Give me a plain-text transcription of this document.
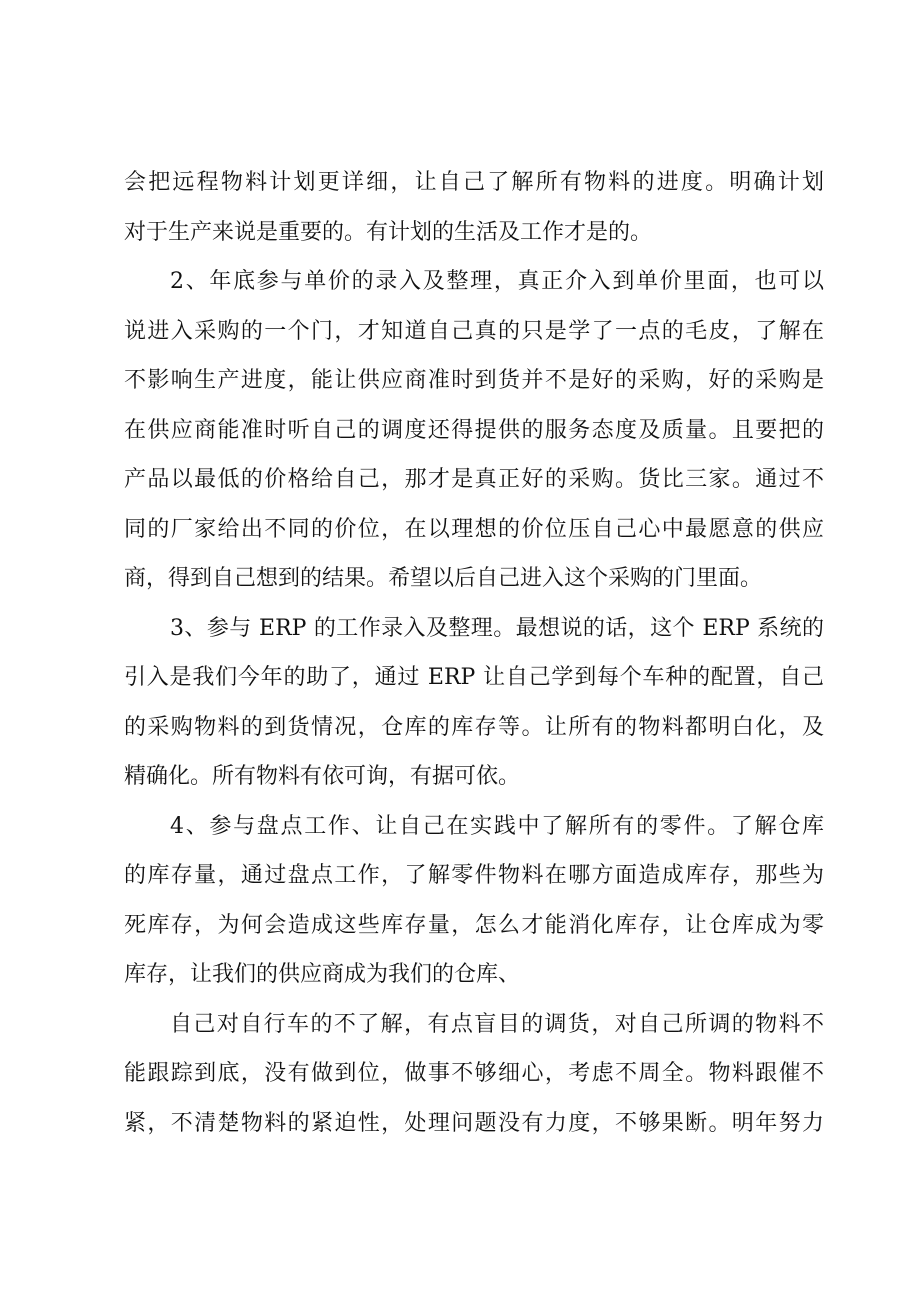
会把远程物料计划更详细，让自己了解所有物料的进度。明确计划
对于生产来说是重要的。有计划的生活及工作才是的。
2、年底参与单价的录入及整理，真正介入到单价里面，也可以
说进入采购的一个门，才知道自己真的只是学了一点的毛皮，了解在
不影响生产进度，能让供应商准时到货并不是好的采购，好的采购是
在供应商能准时听自己的调度还得提供的服务态度及质量。且要把的
产品以最低的价格给自己，那才是真正好的采购。货比三家。通过不
同的厂家给出不同的价位，在以理想的价位压自己心中最愿意的供应
商，得到自己想到的结果。希望以后自己进入这个采购的门里面。
3、参与 ERP 的工作录入及整理。最想说的话，这个 ERP 系统的
引入是我们今年的助了，通过 ERP 让自己学到每个车种的配置，自己
的采购物料的到货情况，仓库的库存等。让所有的物料都明白化，及
精确化。所有物料有依可询，有据可依。
4、参与盘点工作、让自己在实践中了解所有的零件。了解仓库
的库存量，通过盘点工作，了解零件物料在哪方面造成库存，那些为
死库存，为何会造成这些库存量，怎么才能消化库存，让仓库成为零
库存，让我们的供应商成为我们的仓库、
自己对自行车的不了解，有点盲目的调货，对自己所调的物料不
能跟踪到底，没有做到位，做事不够细心，考虑不周全。物料跟催不
紧，不清楚物料的紧迫性，处理问题没有力度，不够果断。明年努力
